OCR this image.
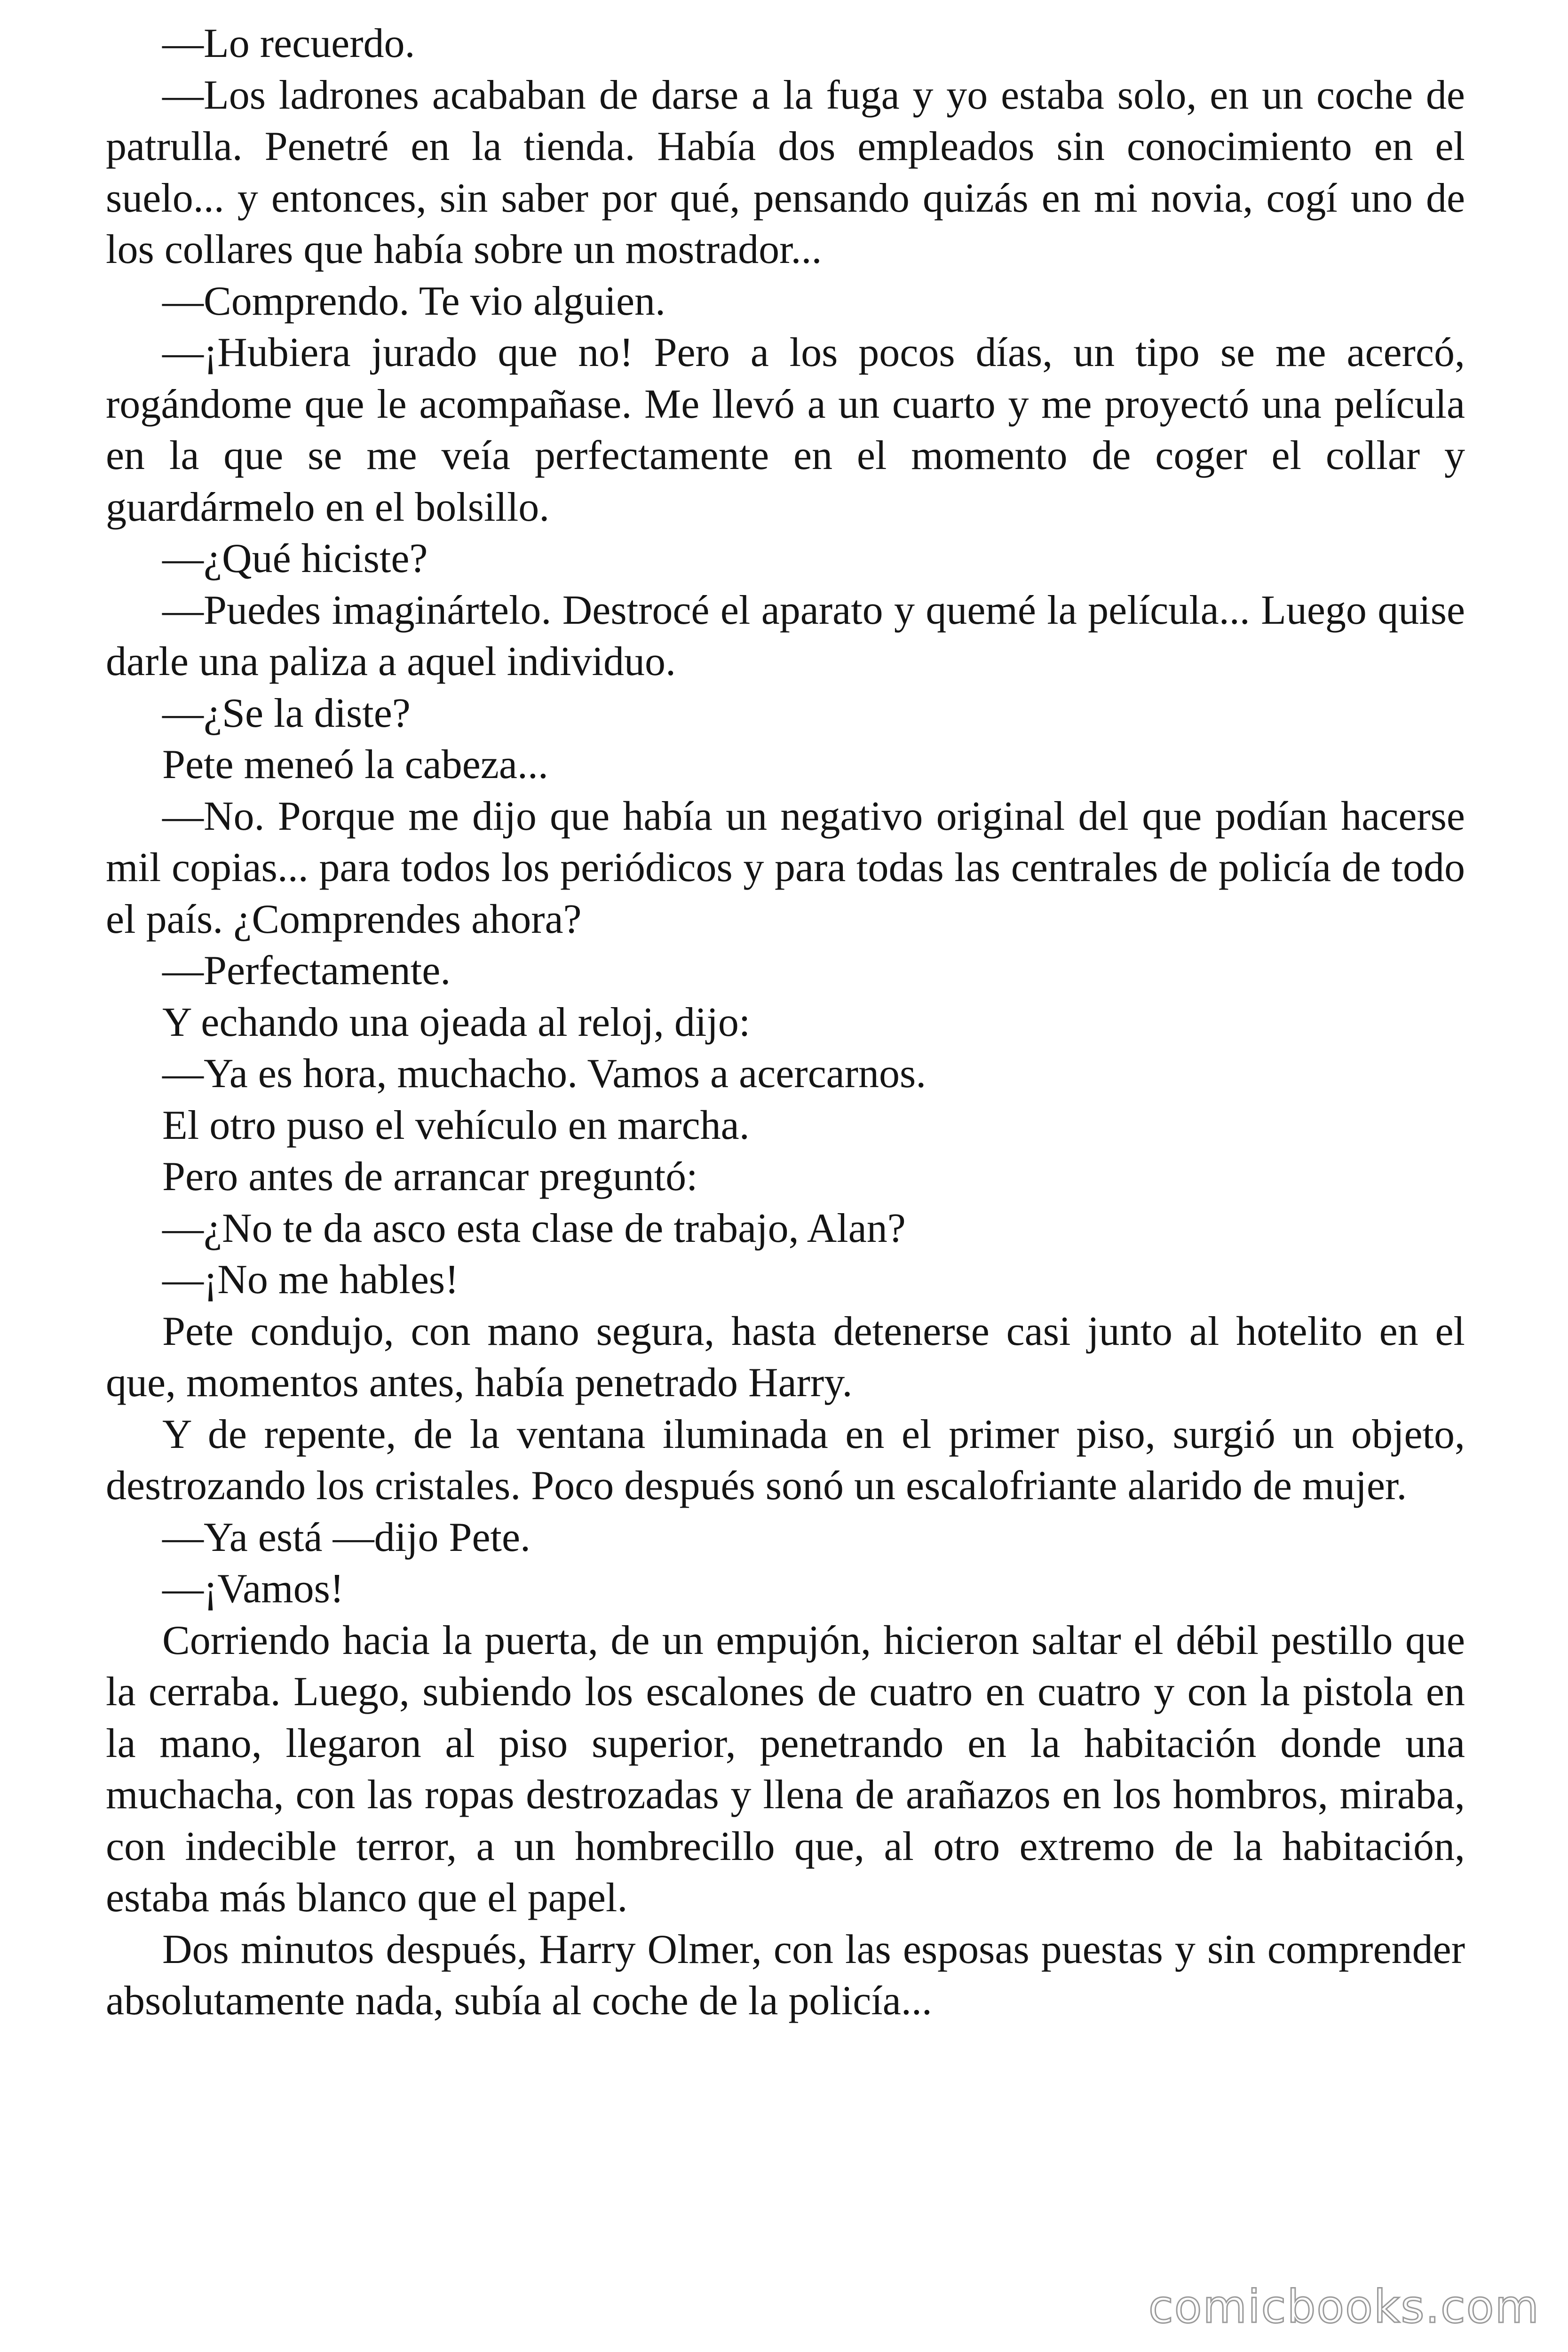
—Lo recuerdo.

—Los ladrones acababan de darse a la fuga y yo estaba solo, en un coche de patrulla. Penetré en la tienda. Había dos empleados sin conocimiento en el suelo... y entonces, sin saber por qué, pensando quizás en mi novia, cogí uno de los collares que había sobre un mostrador...

—Comprendo. Te vio alguien.

—¡Hubiera jurado que no! Pero a los pocos días, un tipo se me acercó, rogándome que le acompañase. Me llevó a un cuarto y me proyectó una película en la que se me veía perfectamente en el momento de coger el collar y guardármelo en el bolsillo.

—¿Qué hiciste?

—Puedes imaginártelo. Destrocé el aparato y quemé la película... Luego quise darle una paliza a aquel individuo.

—¿Se la diste?

Pete meneó la cabeza...

—No. Porque me dijo que había un negativo original del que podían hacerse mil copias... para todos los periódicos y para todas las centrales de policía de todo el país. ¿Comprendes ahora?

—Perfectamente.

Y echando una ojeada al reloj, dijo:

—Ya es hora, muchacho. Vamos a acercarnos.

El otro puso el vehículo en marcha.

Pero antes de arrancar preguntó:

—¿No te da asco esta clase de trabajo, Alan?

—¡No me hables!

Pete condujo, con mano segura, hasta detenerse casi junto al hotelito en el que, momentos antes, había penetrado Harry.

Y de repente, de la ventana iluminada en el primer piso, surgió un objeto, destrozando los cristales. Poco después sonó un escalofriante alarido de mujer.

—Ya está —dijo Pete.

—¡Vamos!

Corriendo hacia la puerta, de un empujón, hicieron saltar el débil pestillo que la cerraba. Luego, subiendo los escalones de cuatro en cuatro y con la pistola en la mano, llegaron al piso superior, penetrando en la habitación donde una muchacha, con las ropas destrozadas y llena de arañazos en los hombros, miraba, con indecible terror, a un hombrecillo que, al otro extremo de la habitación, estaba más blanco que el papel.

Dos minutos después, Harry Olmer, con las esposas puestas y sin comprender absolutamente nada, subía al coche de la policía...

comicbooks.com
